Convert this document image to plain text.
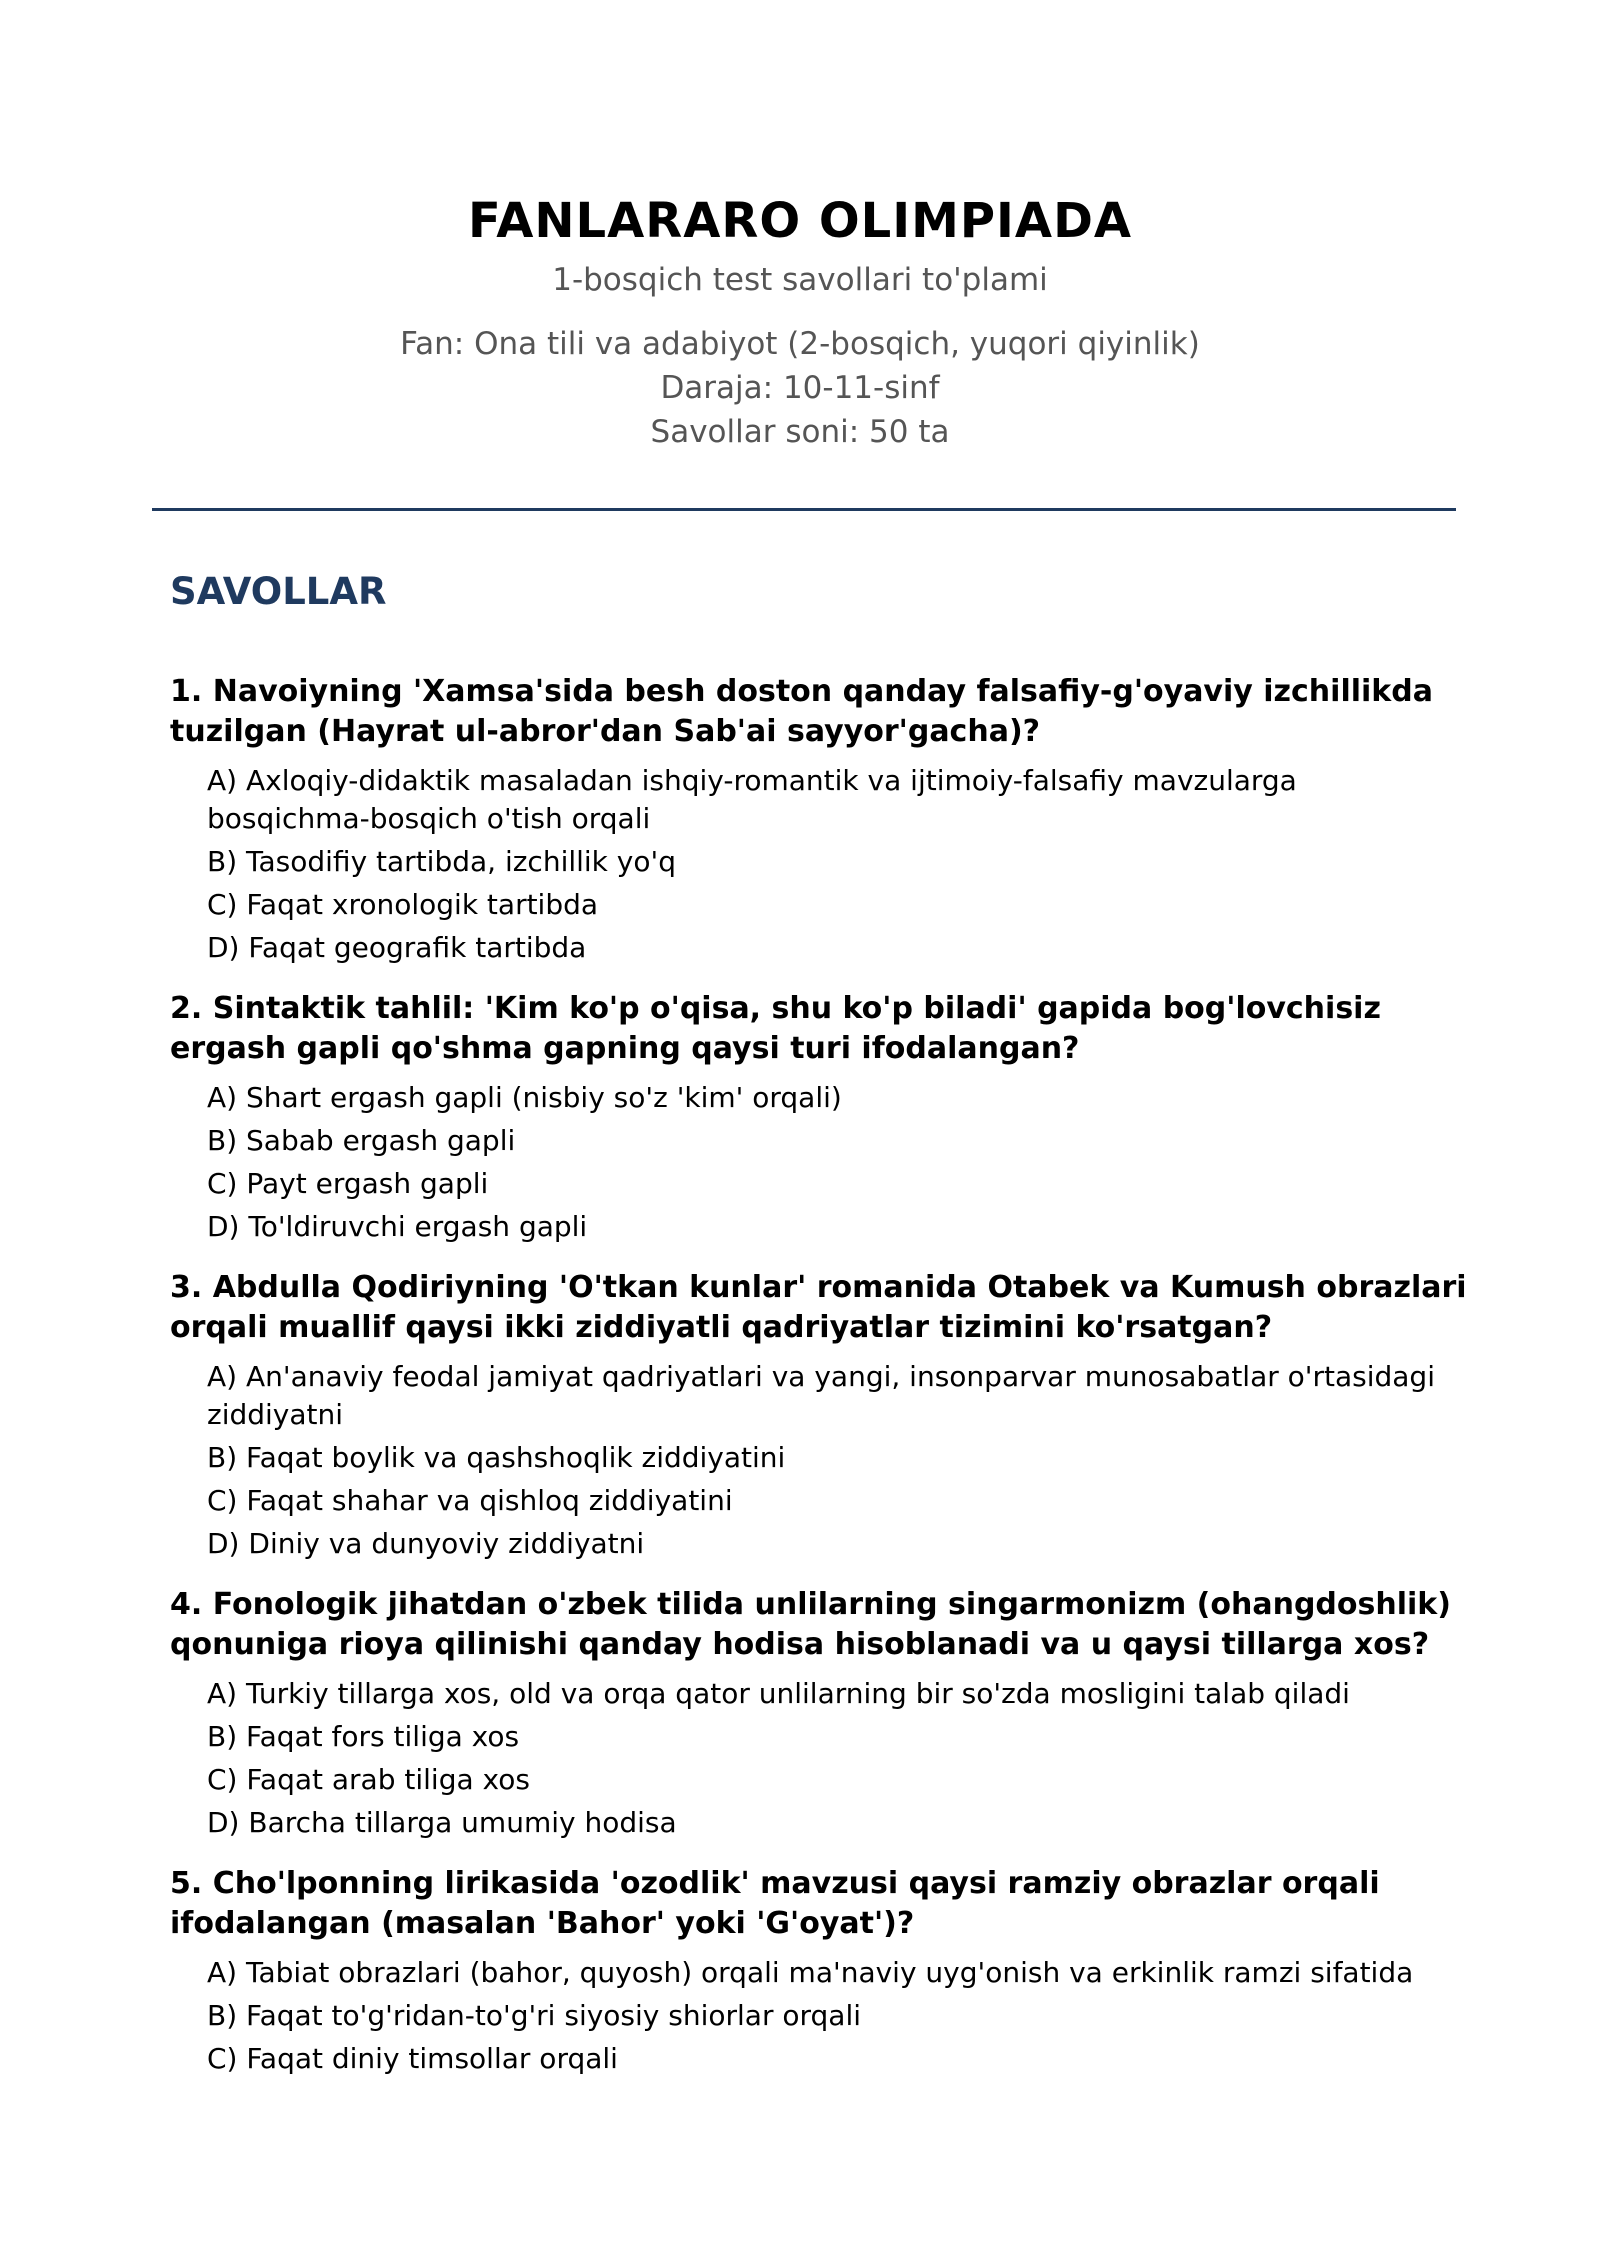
FANLARARO OLIMPIADA
1-bosqich test savollari to'plami
Fan: Ona tili va adabiyot (2-bosqich, yuqori qiyinlik)
Daraja: 10-11-sinf
Savollar soni: 50 ta
SAVOLLAR

1. Navoiyning 'Xamsa'sida besh doston qanday falsafiy-g'oyaviy izchillikda tuzilgan (Hayrat ul-abror'dan Sab'ai sayyor'gacha)?

A) Axloqiy-didaktik masaladan ishqiy-romantik va ijtimoiy-falsafiy mavzularga bosqichma-bosqich o'tish orqali
B) Tasodifiy tartibda, izchillik yo'q
C) Faqat xronologik tartibda
D) Faqat geografik tartibda

2. Sintaktik tahlil: 'Kim ko'p o'qisa, shu ko'p biladi' gapida bog'lovchisiz ergash gapli qo'shma gapning qaysi turi ifodalangan?

A) Shart ergash gapli (nisbiy so'z 'kim' orqali)
B) Sabab ergash gapli
C) Payt ergash gapli
D) To'ldiruvchi ergash gapli

3. Abdulla Qodiriyning 'O'tkan kunlar' romanida Otabek va Kumush obrazlari orqali muallif qaysi ikki ziddiyatli qadriyatlar tizimini ko'rsatgan?

A) An'anaviy feodal jamiyat qadriyatlari va yangi, insonparvar munosabatlar o'rtasidagi ziddiyatni
B) Faqat boylik va qashshoqlik ziddiyatini
C) Faqat shahar va qishloq ziddiyatini
D) Diniy va dunyoviy ziddiyatni

4. Fonologik jihatdan o'zbek tilida unlilarning singarmonizm (ohangdoshlik) qonuniga rioya qilinishi qanday hodisa hisoblanadi va u qaysi tillarga xos?

A) Turkiy tillarga xos, old va orqa qator unlilarning bir so'zda mosligini talab qiladi
B) Faqat fors tiliga xos
C) Faqat arab tiliga xos
D) Barcha tillarga umumiy hodisa

5. Cho'lponning lirikasida 'ozodlik' mavzusi qaysi ramziy obrazlar orqali ifodalangan (masalan 'Bahor' yoki 'G'oyat')?

A) Tabiat obrazlari (bahor, quyosh) orqali ma'naviy uyg'onish va erkinlik ramzi sifatida
B) Faqat to'g'ridan-to'g'ri siyosiy shiorlar orqali
C) Faqat diniy timsollar orqali
